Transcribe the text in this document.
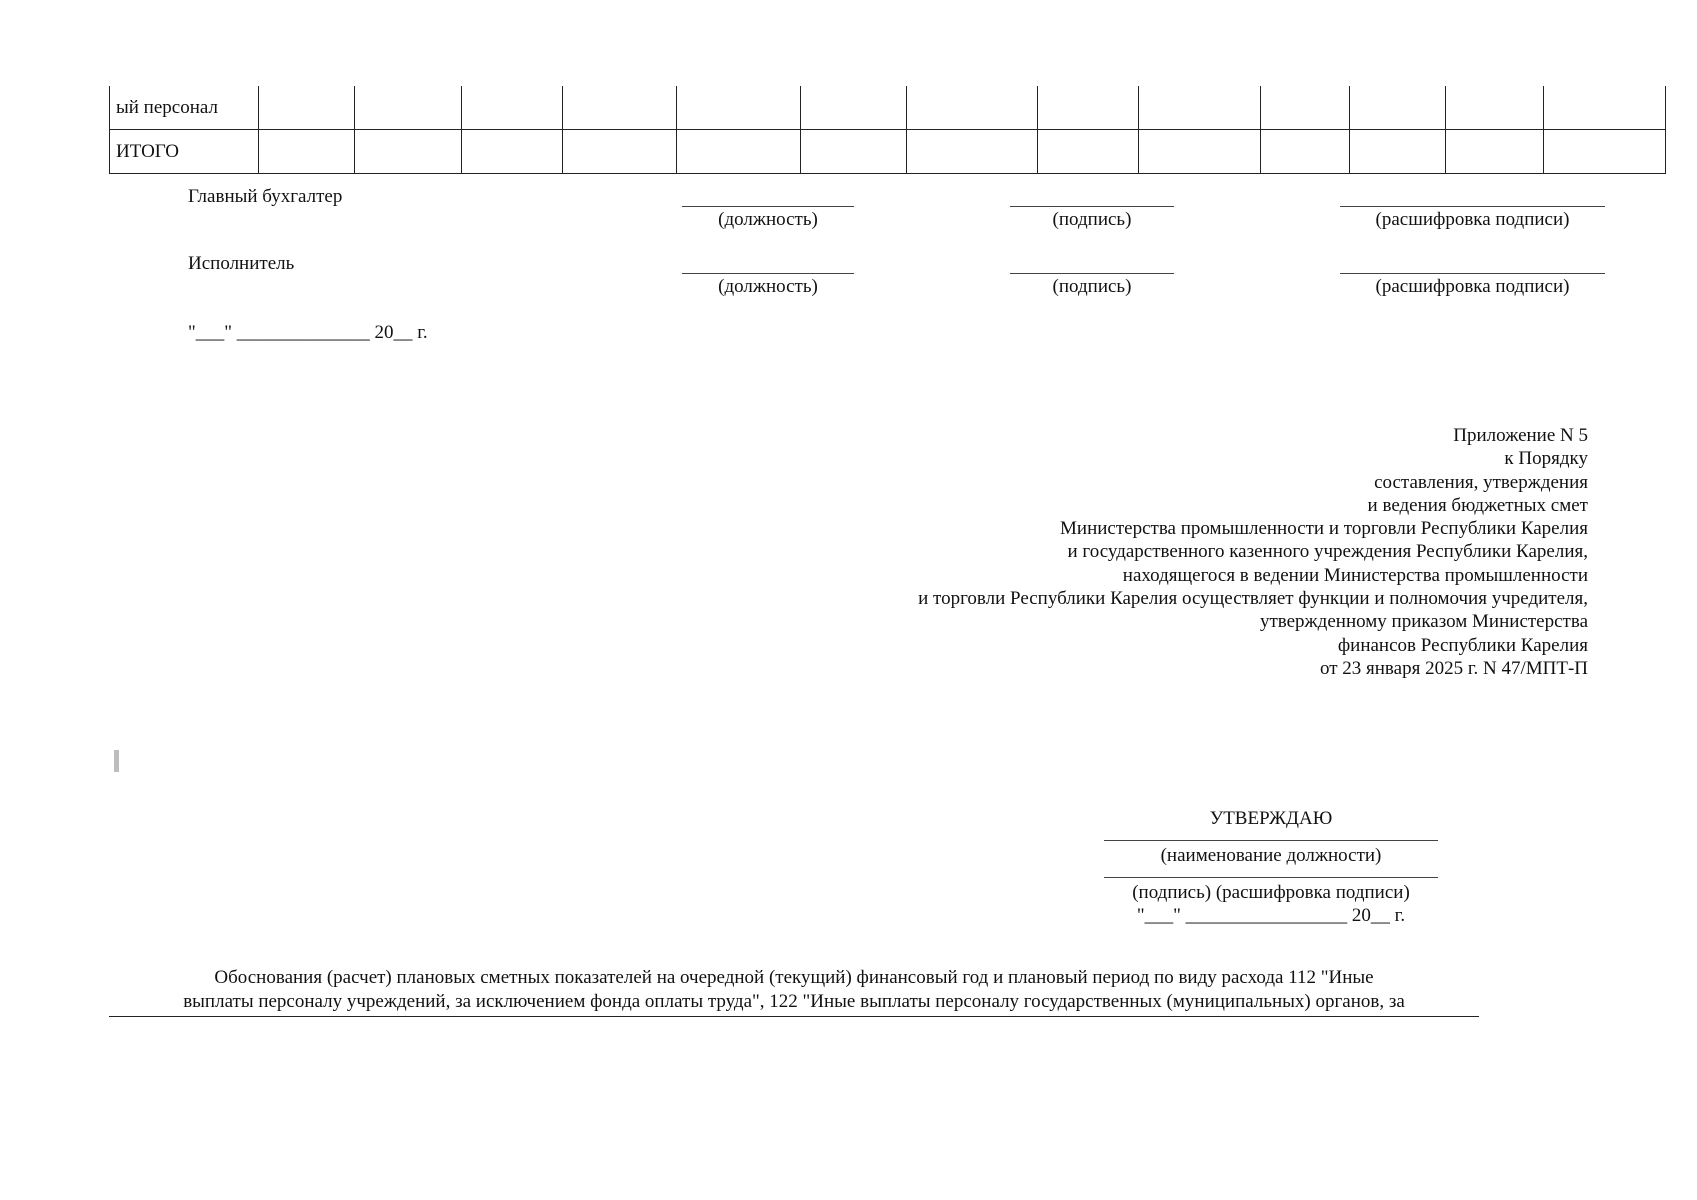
ый персонал													
ИТОГО													
Главный бухгалтер
(должность)	(подпись)	(расшифровка подписи)
Исполнитель
(должность)	(подпись)	(расшифровка подписи)
"___" ______________ 20__ г.
Приложение N 5
к Порядку
составления, утверждения
и ведения бюджетных смет
Министерства промышленности и торговли Республики Карелия
и государственного казенного учреждения Республики Карелия,
находящегося в ведении Министерства промышленности
и торговли Республики Карелия осуществляет функции и полномочия учредителя,
утвержденному приказом Министерства
финансов Республики Карелия
от 23 января 2025 г. N 47/МПТ-П
УТВЕРЖДАЮ
(наименование должности)
(подпись) (расшифровка подписи)
"___" _________________ 20__ г.
Обоснования (расчет) плановых сметных показателей на очередной (текущий) финансовый год и плановый период по виду расхода 112 "Иные
выплаты персоналу учреждений, за исключением фонда оплаты труда", 122 "Иные выплаты персоналу государственных (муниципальных) органов, за
